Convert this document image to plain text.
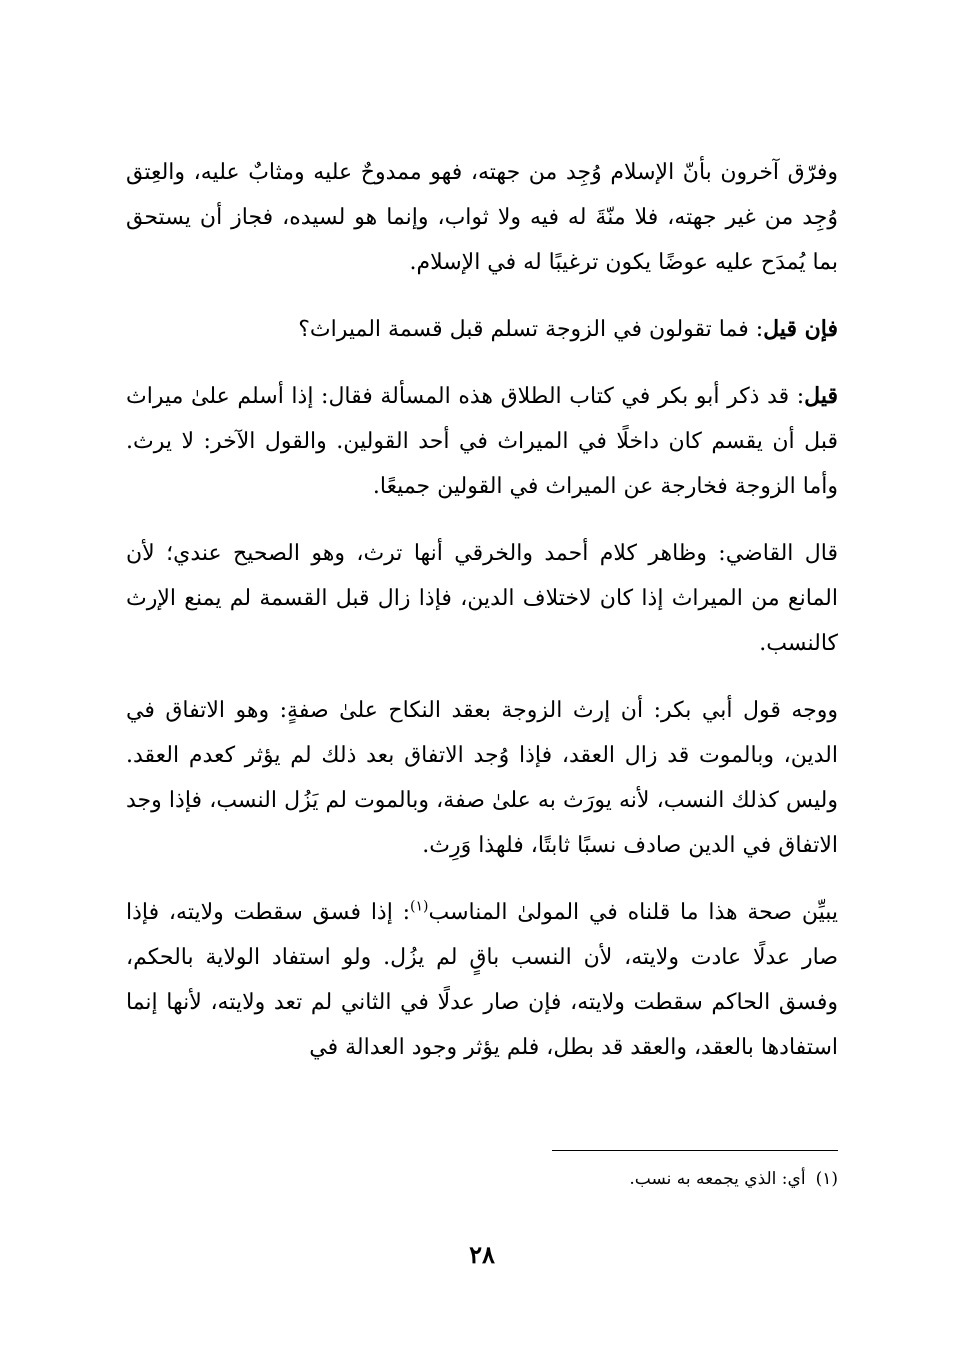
وفرّق آخرون بأنّ الإسلام وُجِد من جهته، فهو ممدوحٌ عليه ومثابٌ عليه، والعِتق وُجِد من غير جهته، فلا منّةَ له فيه ولا ثواب، وإنما هو لسيده، فجاز أن يستحق بما يُمدَح عليه عوضًا يكون ترغيبًا له في الإسلام.

فإن قيل: فما تقولون في الزوجة تسلم قبل قسمة الميراث؟

قيل: قد ذكر أبو بكر في كتاب الطلاق هذه المسألة فقال: إذا أسلم علىٰ ميراث قبل أن يقسم كان داخلًا في الميراث في أحد القولين. والقول الآخر: لا يرث. وأما الزوجة فخارجة عن الميراث في القولين جميعًا.

قال القاضي: وظاهر كلام أحمد والخرقي أنها ترث، وهو الصحيح عندي؛ لأن المانع من الميراث إذا كان لاختلاف الدين، فإذا زال قبل القسمة لم يمنع الإرث كالنسب.

ووجه قول أبي بكر: أن إرث الزوجة بعقد النكاح علىٰ صفةٍ: وهو الاتفاق في الدين، وبالموت قد زال العقد، فإذا وُجد الاتفاق بعد ذلك لم يؤثر كعدم العقد. وليس كذلك النسب، لأنه يورَث به علىٰ صفة، وبالموت لم يَزُل النسب، فإذا وجد الاتفاق في الدين صادف نسبًا ثابتًا، فلهذا وَرِث.

يبيِّن صحة هذا ما قلناه في المولىٰ المناسب$^{(١)}$: إذا فسق سقطت ولايته، فإذا صار عدلًا عادت ولايته، لأن النسب باقٍ لم يزُل. ولو استفاد الولاية بالحكم، وفسق الحاكم سقطت ولايته، فإن صار عدلًا في الثاني لم تعد ولايته، لأنها إنما استفادها بالعقد، والعقد قد بطل، فلم يؤثر وجود العدالة في

(١)أي: الذي يجمعه به نسب.
٢٨
